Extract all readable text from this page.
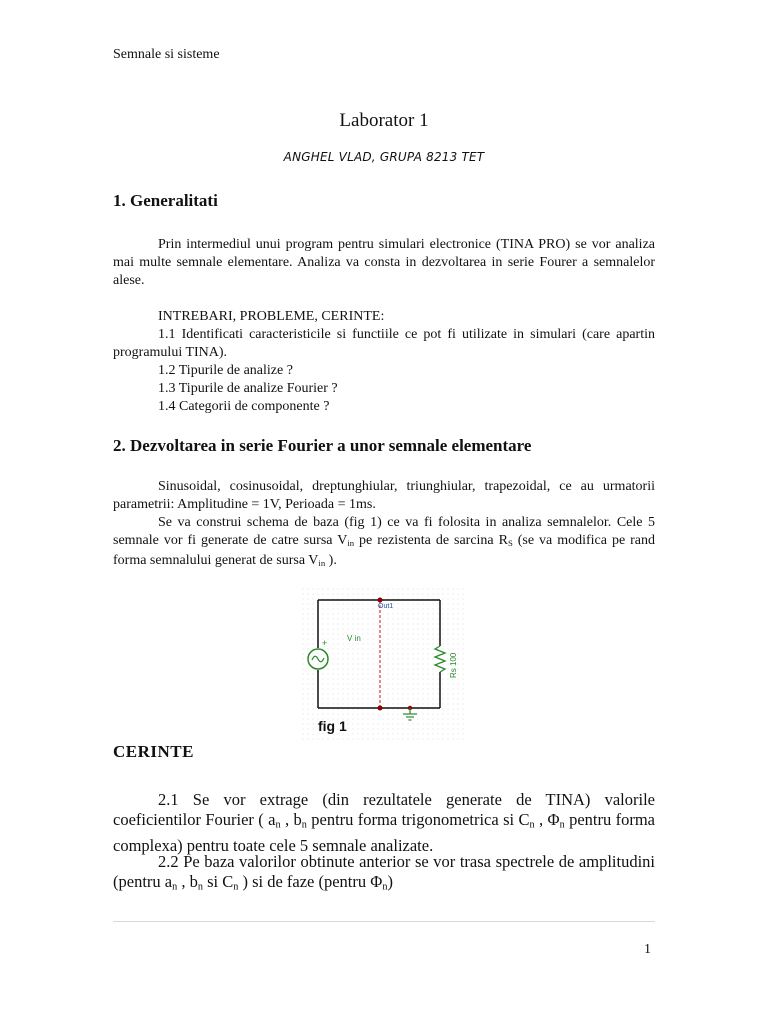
Semnale si sisteme
Laborator 1
ANGHEL VLAD, GRUPA 8213 TET
1. Generalitati
Prin intermediul unui program pentru simulari electronice (TINA PRO) se vor analiza mai multe semnale elementare. Analiza va consta in dezvoltarea in serie Fourer a semnalelor alese.
INTREBARI, PROBLEME, CERINTE:
1.1 Identificati caracteristicile si functiile ce pot fi utilizate in simulari (care apartin programului TINA).
1.2 Tipurile de analize ?
1.3 Tipurile de analize Fourier ?
1.4 Categorii de componente ?
2. Dezvoltarea in serie Fourier a unor semnale elementare
Sinusoidal, cosinusoidal, dreptunghiular, triunghiular, trapezoidal, ce au urmatorii parametrii: Amplitudine = 1V, Perioada = 1ms.
Se va construi schema de baza (fig 1) ce va fi folosita in analiza semnalelor. Cele 5 semnale vor fi generate de catre sursa $V_{in}$ pe rezistenta de sarcina $R_S$ (se va modifica pe rand forma semnalului generat de sursa $V_{in}$ ).
+
Rs 100
V in
Out1
fig 1
CERINTE
2.1 Se vor extrage (din rezultatele generate de TINA) valorile coeficientilor Fourier ( $a_n$ , $b_n$ pentru forma trigonometrica si $C_n$ , $\Phi_n$ pentru forma complexa) pentru toate cele 5 semnale analizate.
2.2 Pe baza valorilor obtinute anterior se vor trasa spectrele de amplitudini (pentru $a_n$ , $b_n$ si $C_n$ ) si de faze (pentru $\Phi_n$)
1
